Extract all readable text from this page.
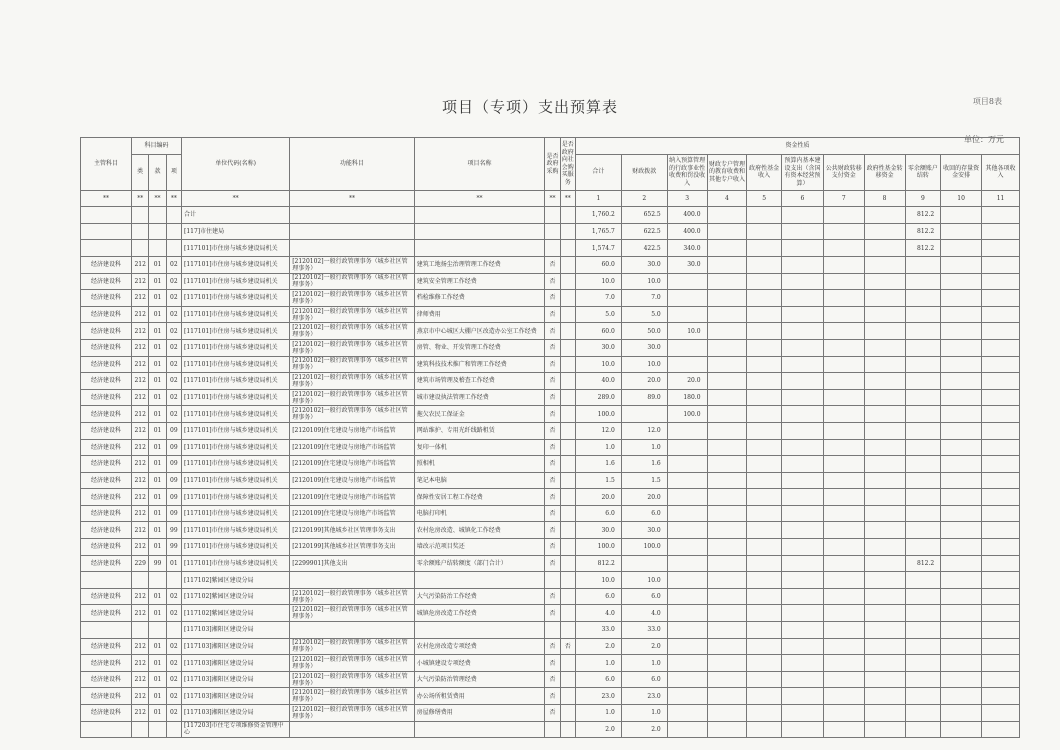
项目8表
项目（专项）支出预算表
单位：万元
主管科目	科目编码			单位代码(名称)	功能科目	项目名称	是否政府采购	是否政府向社会购买服务	资金性质										
	类	款	项						合计	财政拨款	纳入预算管理的行政事业性收费和罚没收入	财政专户管理的教育收费和其他专户收入	政府性基金收入	预算内基本建设支出（含国有资本经营预算）	公共财政转移支付资金	政府性基金转移资金	零余额账户结转	收回的存量资金安排	其他各项收入
**	**	**	**	**	**	**	**	**	1	2	3	4	5	6	7	8	9	10	11
				合计					1,760.2	652.5	400.0						812.2		
				[117]市住建局					1,765.7	622.5	400.0						812.2		
				[117101]市住房与城乡建设局机关					1,574.7	422.5	340.0						812.2		
经济建设科	212	01	02	[117101]市住房与城乡建设局机关	[2120102]一般行政管理事务（城乡社区管理事务）	建筑工地扬尘治理管理工作经费	否		60.0	30.0	30.0								
经济建设科	212	01	02	[117101]市住房与城乡建设局机关	[2120102]一般行政管理事务（城乡社区管理事务）	建筑安全管理工作经费	否		10.0	10.0									
经济建设科	212	01	02	[117101]市住房与城乡建设局机关	[2120102]一般行政管理事务（城乡社区管理事务）	档检维修工作经费	否		7.0	7.0									
经济建设科	212	01	02	[117101]市住房与城乡建设局机关	[2120102]一般行政管理事务（城乡社区管理事务）	律师费用	否		5.0	5.0									
经济建设科	212	01	02	[117101]市住房与城乡建设局机关	[2120102]一般行政管理事务（城乡社区管理事务）	燕京市中心城区大棚户区改造办公室工作经费	否		60.0	50.0	10.0								
经济建设科	212	01	02	[117101]市住房与城乡建设局机关	[2120102]一般行政管理事务（城乡社区管理事务）	房管、物业、开发管理工作经费	否		30.0	30.0									
经济建设科	212	01	02	[117101]市住房与城乡建设局机关	[2120102]一般行政管理事务（城乡社区管理事务）	建筑科技技术推广和管理工作经费	否		10.0	10.0									
经济建设科	212	01	02	[117101]市住房与城乡建设局机关	[2120102]一般行政管理事务（城乡社区管理事务）	建筑市场管理及稽查工作经费	否		40.0	20.0	20.0								
经济建设科	212	01	02	[117101]市住房与城乡建设局机关	[2120102]一般行政管理事务（城乡社区管理事务）	城市建设执法管理工作经费	否		289.0	89.0	180.0								
经济建设科	212	01	02	[117101]市住房与城乡建设局机关	[2120102]一般行政管理事务（城乡社区管理事务）	拖欠农民工保证金	否		100.0		100.0								
经济建设科	212	01	09	[117101]市住房与城乡建设局机关	[2120109]住宅建设与房地产市场监管	网站维护、专用光纤线路租赁	否		12.0	12.0									
经济建设科	212	01	09	[117101]市住房与城乡建设局机关	[2120109]住宅建设与房地产市场监管	复印一体机	否		1.0	1.0									
经济建设科	212	01	09	[117101]市住房与城乡建设局机关	[2120109]住宅建设与房地产市场监管	照相机	否		1.6	1.6									
经济建设科	212	01	09	[117101]市住房与城乡建设局机关	[2120109]住宅建设与房地产市场监管	笔记本电脑	否		1.5	1.5									
经济建设科	212	01	09	[117101]市住房与城乡建设局机关	[2120109]住宅建设与房地产市场监管	保障性安居工程工作经费	否		20.0	20.0									
经济建设科	212	01	09	[117101]市住房与城乡建设局机关	[2120109]住宅建设与房地产市场监管	电脑打印机	否		6.0	6.0									
经济建设科	212	01	99	[117101]市住房与城乡建设局机关	[2120199]其他城乡社区管理事务支出	农村危房改造、城镇化工作经费	否		30.0	30.0									
经济建设科	212	01	99	[117101]市住房与城乡建设局机关	[2120199]其他城乡社区管理事务支出	墙改示范项目奖还	否		100.0	100.0									
经济建设科	229	99	01	[117101]市住房与城乡建设局机关	[2299901]其他支出	零余额账户结转额度（部门合计）	否		812.2								812.2		
				[117102]紫园区建设分局					10.0	10.0									
经济建设科	212	01	02	[117102]紫园区建设分局	[2120102]一般行政管理事务（城乡社区管理事务）	大气污染防治工作经费	否		6.0	6.0									
经济建设科	212	01	02	[117102]紫园区建设分局	[2120102]一般行政管理事务（城乡社区管理事务）	城镇危房改造工作经费	否		4.0	4.0									
				[117103]湘阳区建设分局					33.0	33.0									
经济建设科	212	01	02	[117103]湘阳区建设分局	[2120102]一般行政管理事务（城乡社区管理事务）	农村危房改造专项经费	否	否	2.0	2.0									
经济建设科	212	01	02	[117103]湘阳区建设分局	[2120102]一般行政管理事务（城乡社区管理事务）	小城镇建设专项经费	否		1.0	1.0									
经济建设科	212	01	02	[117103]湘阳区建设分局	[2120102]一般行政管理事务（城乡社区管理事务）	大气污染防治管理经费	否		6.0	6.0									
经济建设科	212	01	02	[117103]湘阳区建设分局	[2120102]一般行政管理事务（城乡社区管理事务）	办公场所租赁费用	否		23.0	23.0									
经济建设科	212	01	02	[117103]湘阳区建设分局	[2120102]一般行政管理事务（城乡社区管理事务）	房屋修缮费用	否		1.0	1.0									
				[117203]市住宅专项维修资金管理中心					2.0	2.0									
